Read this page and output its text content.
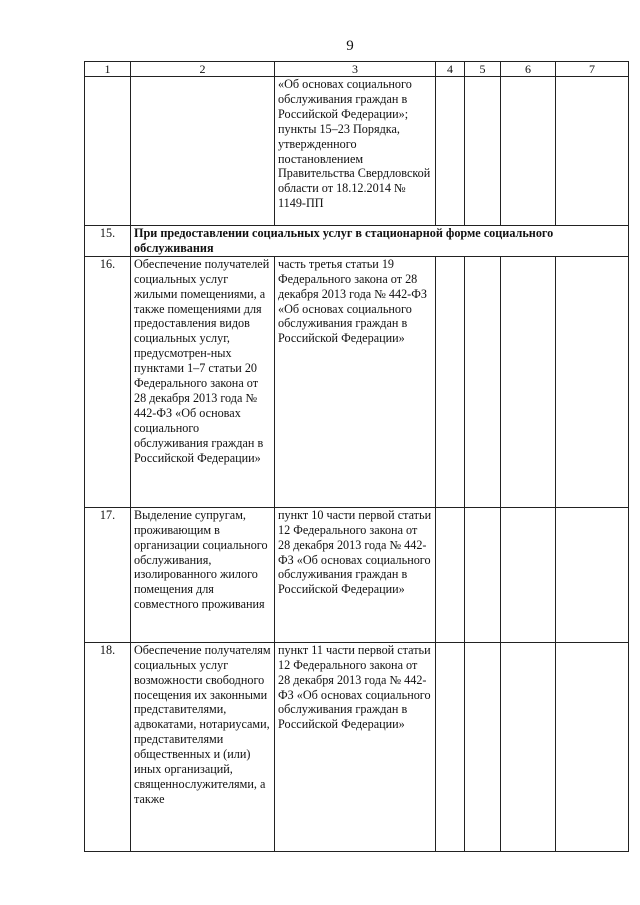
9
1	2	3	4	5	6	7
		«Об основах социального обслуживания граждан в Российской Федерации»; пункты 15–23 Порядка, утвержденного постановлением Правительства Свердловской области от 18.12.2014 № 1149-ПП				
15.	При предоставлении социальных услуг в стационарной форме социального обслуживания					
16.	Обеспечение получателей социальных услуг жилыми помещениями, а также помещениями для предоставления видов социальных услуг, предусмотрен-ных пунктами 1–7 статьи 20 Федерального закона от 28 декабря 2013 года № 442-ФЗ «Об основах социального обслуживания граждан в Российской Федерации»	часть третья статьи 19 Федерального закона от 28 декабря 2013 года № 442-ФЗ «Об основах социального обслуживания граждан в Российской Федерации»				
17.	Выделение супругам, проживающим в организации социального обслуживания, изолированного жилого помещения для совместного проживания	пункт 10 части первой статьи 12 Федерального закона от 28 декабря 2013 года № 442-ФЗ «Об основах социального обслуживания граждан в Российской Федерации»				
18.	Обеспечение получателям социальных услуг возможности свободного посещения их законными представителями, адвокатами, нотариусами, представителями общественных и (или) иных организаций, священнослужителями, а также	пункт 11 части первой статьи 12 Федерального закона от 28 декабря 2013 года № 442-ФЗ «Об основах социального обслуживания граждан в Российской Федерации»				
